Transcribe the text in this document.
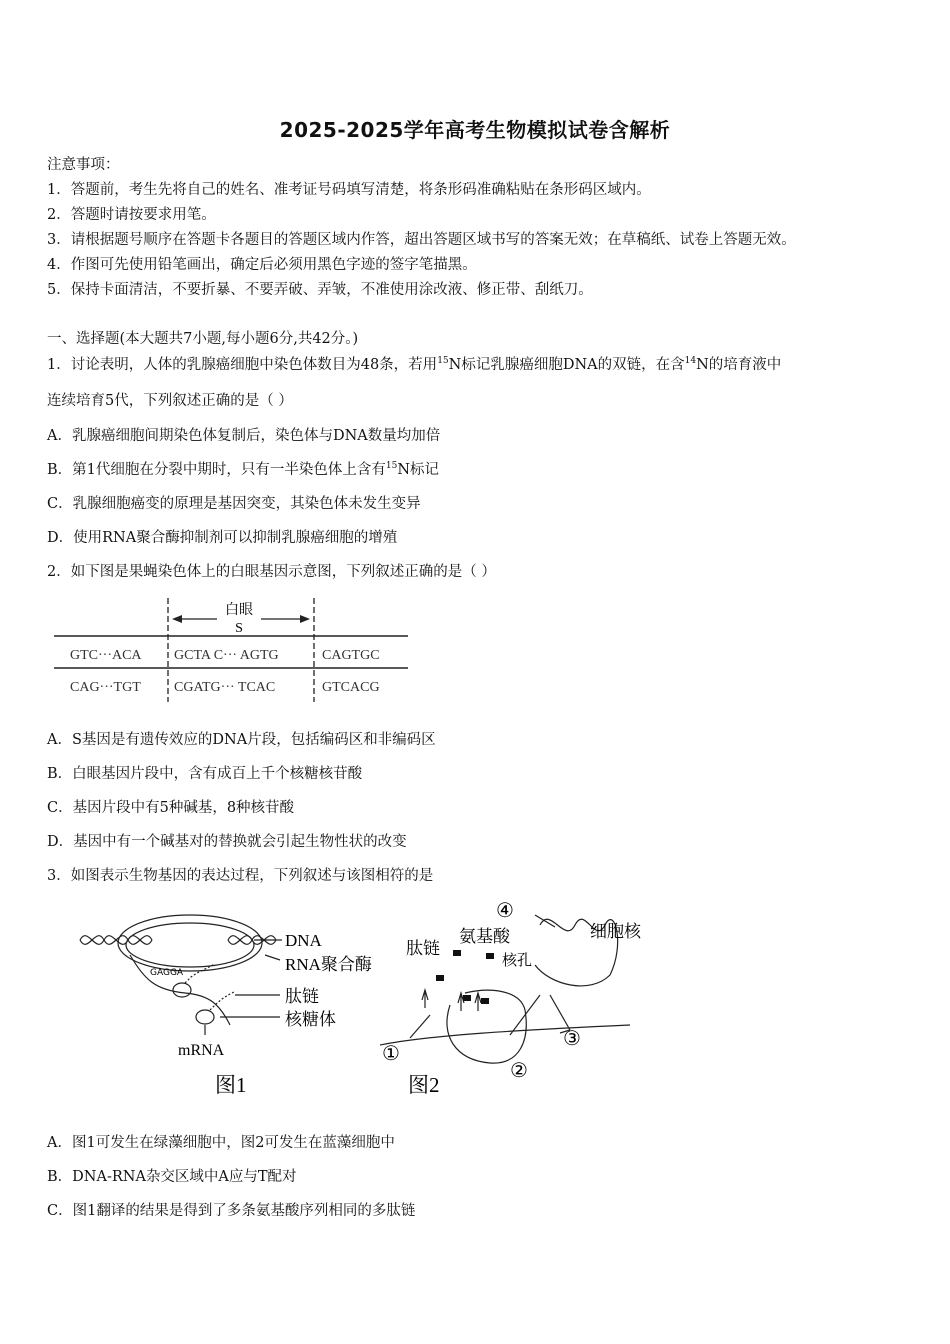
2025-2025学年高考生物模拟试卷含解析
注意事项：
1．答题前，考生先将自己的姓名、准考证号码填写清楚，将条形码准确粘贴在条形码区域内。
2．答题时请按要求用笔。
3．请根据题号顺序在答题卡各题目的答题区域内作答，超出答题区域书写的答案无效；在草稿纸、试卷上答题无效。
4．作图可先使用铅笔画出，确定后必须用黑色字迹的签字笔描黑。
5．保持卡面清洁，不要折暴、不要弄破、弄皱，不准使用涂改液、修正带、刮纸刀。
一、选择题(本大题共7小题,每小题6分,共42分。)
1．讨论表明，人体的乳腺癌细胞中染色体数目为48条，若用$^{15}$N标记乳腺癌细胞DNA的双链，在含$^{14}$N的培育液中
连续培育5代，下列叙述正确的是（ ）
A．乳腺癌细胞间期染色体复制后，染色体与DNA数量均加倍
B．第1代细胞在分裂中期时，只有一半染色体上含有$^{15}$N标记
C．乳腺细胞癌变的原理是基因突变，其染色体未发生变异
D．使用RNA聚合酶抑制剂可以抑制乳腺癌细胞的增殖
2．如下图是果蝇染色体上的白眼基因示意图，下列叙述正确的是（ ）
白眼
S
GTC···ACA GCTA C··· AGTG	CAGTGC
CAG···TGT CGATG··· TCAC	GTCACG
A．S基因是有遗传效应的DNA片段，包括编码区和非编码区
B．白眼基因片段中，含有成百上千个核糖核苷酸
C．基因片段中有5种碱基，8种核苷酸
D．基因中有一个碱基对的替换就会引起生物性状的改变
3．如图表示生物基因的表达过程，下列叙述与该图相符的是
GAGGA
DNA
RNA聚合酶
肽链
核糖体
mRNA
图1
氨基酸
肽链
核孔
细胞核
④
①
②
③
图2
A．图1可发生在绿藻细胞中，图2可发生在蓝藻细胞中
B．DNA-RNA杂交区域中A应与T配对
C．图1翻译的结果是得到了多条氨基酸序列相同的多肽链
